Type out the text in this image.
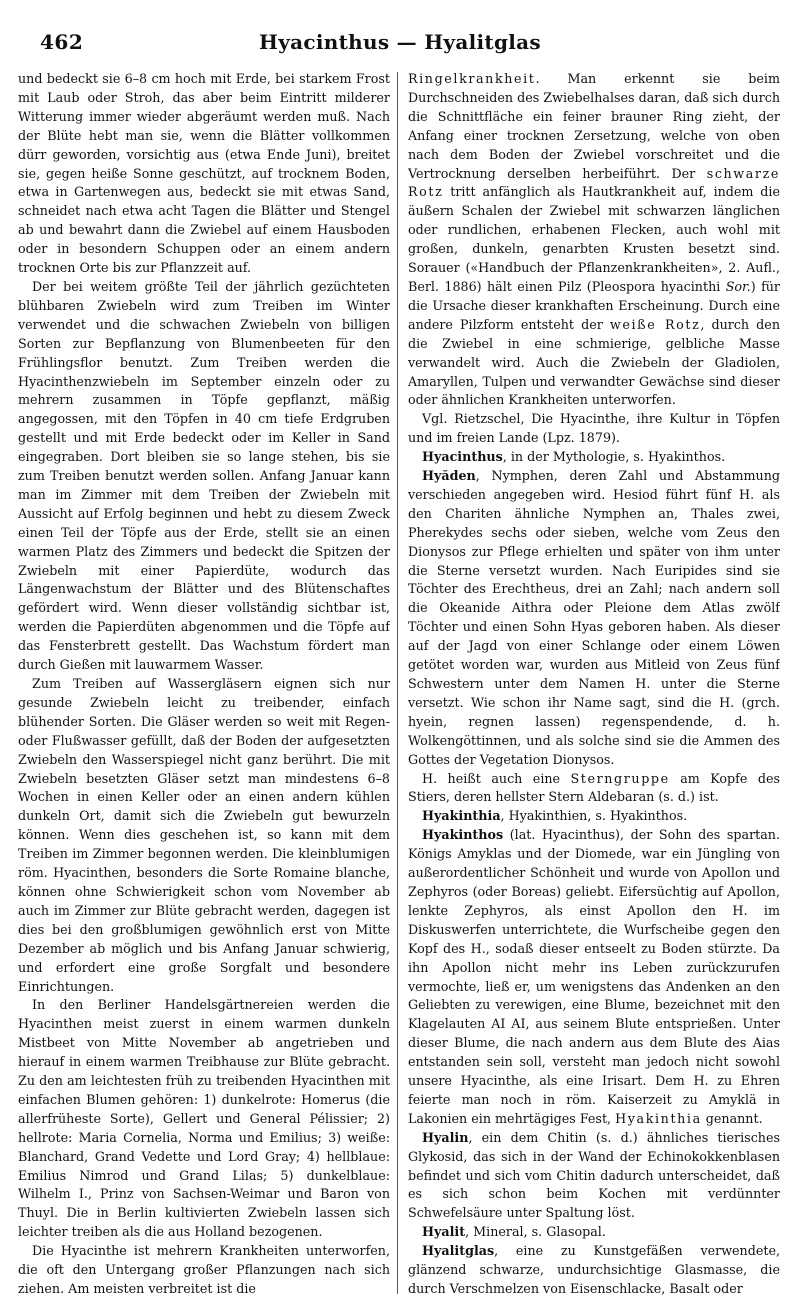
462	Hyacinthus — Hyalitglas

und bedeckt sie 6–8 cm hoch mit Erde, bei starkem Frost mit Laub oder Stroh, das aber beim Eintritt milderer Witterung immer wieder abgeräumt werden muß. Nach der Blüte hebt man sie, wenn die Blätter vollkommen dürr geworden, vorsichtig aus (etwa Ende Juni), breitet sie, gegen heiße Sonne geschützt, auf trocknem Boden, etwa in Gartenwegen aus, bedeckt sie mit etwas Sand, schneidet nach etwa acht Tagen die Blätter und Stengel ab und bewahrt dann die Zwiebel auf einem Hausboden oder in besondern Schuppen oder an einem andern trocknen Orte bis zur Pflanzzeit auf.

Der bei weitem größte Teil der jährlich gezüchteten blühbaren Zwiebeln wird zum Treiben im Winter verwendet und die schwachen Zwiebeln von billigen Sorten zur Bepflanzung von Blumenbeeten für den Frühlingsflor benutzt. Zum Treiben werden die Hyacinthenzwiebeln im September einzeln oder zu mehrern zusammen in Töpfe gepflanzt, mäßig angegossen, mit den Töpfen in 40 cm tiefe Erdgruben gestellt und mit Erde bedeckt oder im Keller in Sand eingegraben. Dort bleiben sie so lange stehen, bis sie zum Treiben benutzt werden sollen. Anfang Januar kann man im Zimmer mit dem Treiben der Zwiebeln mit Aussicht auf Erfolg beginnen und hebt zu diesem Zweck einen Teil der Töpfe aus der Erde, stellt sie an einen warmen Platz des Zimmers und bedeckt die Spitzen der Zwiebeln mit einer Papierdüte, wodurch das Längenwachstum der Blätter und des Blütenschaftes gefördert wird. Wenn dieser vollständig sichtbar ist, werden die Papierdüten abgenommen und die Töpfe auf das Fensterbrett gestellt. Das Wachstum fördert man durch Gießen mit lauwarmem Wasser.

Zum Treiben auf Wassergläsern eignen sich nur gesunde Zwiebeln leicht zu treibender, einfach blühender Sorten. Die Gläser werden so weit mit Regen- oder Flußwasser gefüllt, daß der Boden der aufgesetzten Zwiebeln den Wasserspiegel nicht ganz berührt. Die mit Zwiebeln besetzten Gläser setzt man mindestens 6–8 Wochen in einen Keller oder an einen andern kühlen dunkeln Ort, damit sich die Zwiebeln gut bewurzeln können. Wenn dies geschehen ist, so kann mit dem Treiben im Zimmer begonnen werden. Die kleinblumigen röm. Hyacinthen, besonders die Sorte Romaine blanche, können ohne Schwierigkeit schon vom November ab auch im Zimmer zur Blüte gebracht werden, dagegen ist dies bei den großblumigen gewöhnlich erst von Mitte Dezember ab möglich und bis Anfang Januar schwierig, und erfordert eine große Sorgfalt und besondere Einrichtungen.

In den Berliner Handelsgärtnereien werden die Hyacinthen meist zuerst in einem warmen dunkeln Mistbeet von Mitte November ab angetrieben und hierauf in einem warmen Treibhause zur Blüte gebracht. Zu den am leichtesten früh zu treibenden Hyacinthen mit einfachen Blumen gehören: 1) dunkelrote: Homerus (die allerfrüheste Sorte), Gellert und General Pélissier; 2) hellrote: Maria Cornelia, Norma und Emilius; 3) weiße: Blanchard, Grand Vedette und Lord Gray; 4) hellblaue: Emilius Nimrod und Grand Lilas; 5) dunkelblaue: Wilhelm I., Prinz von Sachsen-Weimar und Baron von Thuyl. Die in Berlin kultivierten Zwiebeln lassen sich leichter treiben als die aus Holland bezogenen.

Die Hyacinthe ist mehrern Krankheiten unterworfen, die oft den Untergang großer Pflanzungen nach sich ziehen. Am meisten verbreitet ist die

Ringelkrankheit. Man erkennt sie beim Durchschneiden des Zwiebelhalses daran, daß sich durch die Schnittfläche ein feiner brauner Ring zieht, der Anfang einer trocknen Zersetzung, welche von oben nach dem Boden der Zwiebel vorschreitet und die Vertrocknung derselben herbeiführt. Der schwarze Rotz tritt anfänglich als Hautkrankheit auf, indem die äußern Schalen der Zwiebel mit schwarzen länglichen oder rundlichen, erhabenen Flecken, auch wohl mit großen, dunkeln, genarbten Krusten besetzt sind. Sorauer («Handbuch der Pflanzenkrankheiten», 2. Aufl., Berl. 1886) hält einen Pilz (Pleospora hyacinthi Sor.) für die Ursache dieser krankhaften Erscheinung. Durch eine andere Pilzform entsteht der weiße Rotz, durch den die Zwiebel in eine schmierige, gelbliche Masse verwandelt wird. Auch die Zwiebeln der Gladiolen, Amaryllen, Tulpen und verwandter Gewächse sind dieser oder ähnlichen Krankheiten unterworfen.

Vgl. Rietzschel, Die Hyacinthe, ihre Kultur in Töpfen und im freien Lande (Lpz. 1879).

Hyacinthus, in der Mythologie, s. Hyakinthos.

Hyăden, Nymphen, deren Zahl und Abstammung verschieden angegeben wird. Hesiod führt fünf H. als den Chariten ähnliche Nymphen an, Thales zwei, Pherekydes sechs oder sieben, welche vom Zeus den Dionysos zur Pflege erhielten und später von ihm unter die Sterne versetzt wurden. Nach Euripides sind sie Töchter des Erechtheus, drei an Zahl; nach andern soll die Okeanide Aithra oder Pleione dem Atlas zwölf Töchter und einen Sohn Hyas geboren haben. Als dieser auf der Jagd von einer Schlange oder einem Löwen getötet worden war, wurden aus Mitleid von Zeus fünf Schwestern unter dem Namen H. unter die Sterne versetzt. Wie schon ihr Name sagt, sind die H. (grch. hyein, regnen lassen) regenspendende, d. h. Wolkengöttinnen, und als solche sind sie die Ammen des Gottes der Vegetation Dionysos.

H. heißt auch eine Sterngruppe am Kopfe des Stiers, deren hellster Stern Aldebaran (s. d.) ist.

Hyakinthia, Hyakinthien, s. Hyakinthos.

Hyakinthos (lat. Hyacinthus), der Sohn des spartan. Königs Amyklas und der Diomede, war ein Jüngling von außerordentlicher Schönheit und wurde von Apollon und Zephyros (oder Boreas) geliebt. Eifersüchtig auf Apollon, lenkte Zephyros, als einst Apollon den H. im Diskuswerfen unterrichtete, die Wurfscheibe gegen den Kopf des H., sodaß dieser entseelt zu Boden stürzte. Da ihn Apollon nicht mehr ins Leben zurückzurufen vermochte, ließ er, um wenigstens das Andenken an den Geliebten zu verewigen, eine Blume, bezeichnet mit den Klagelauten AI AI, aus seinem Blute entsprießen. Unter dieser Blume, die nach andern aus dem Blute des Aias entstanden sein soll, versteht man jedoch nicht sowohl unsere Hyacinthe, als eine Irisart. Dem H. zu Ehren feierte man noch in röm. Kaiserzeit zu Amyklä in Lakonien ein mehrtägiges Fest, Hyakinthia genannt.

Hyalin, ein dem Chitin (s. d.) ähnliches tierisches Glykosid, das sich in der Wand der Echinokokkenblasen befindet und sich vom Chitin dadurch unterscheidet, daß es sich schon beim Kochen mit verdünnter Schwefelsäure unter Spaltung löst.

Hyalit, Mineral, s. Glasopal.

Hyalitglas, eine zu Kunstgefäßen verwendete, glänzend schwarze, undurchsichtige Glasmasse, die durch Verschmelzen von Eisenschlacke, Basalt oder
